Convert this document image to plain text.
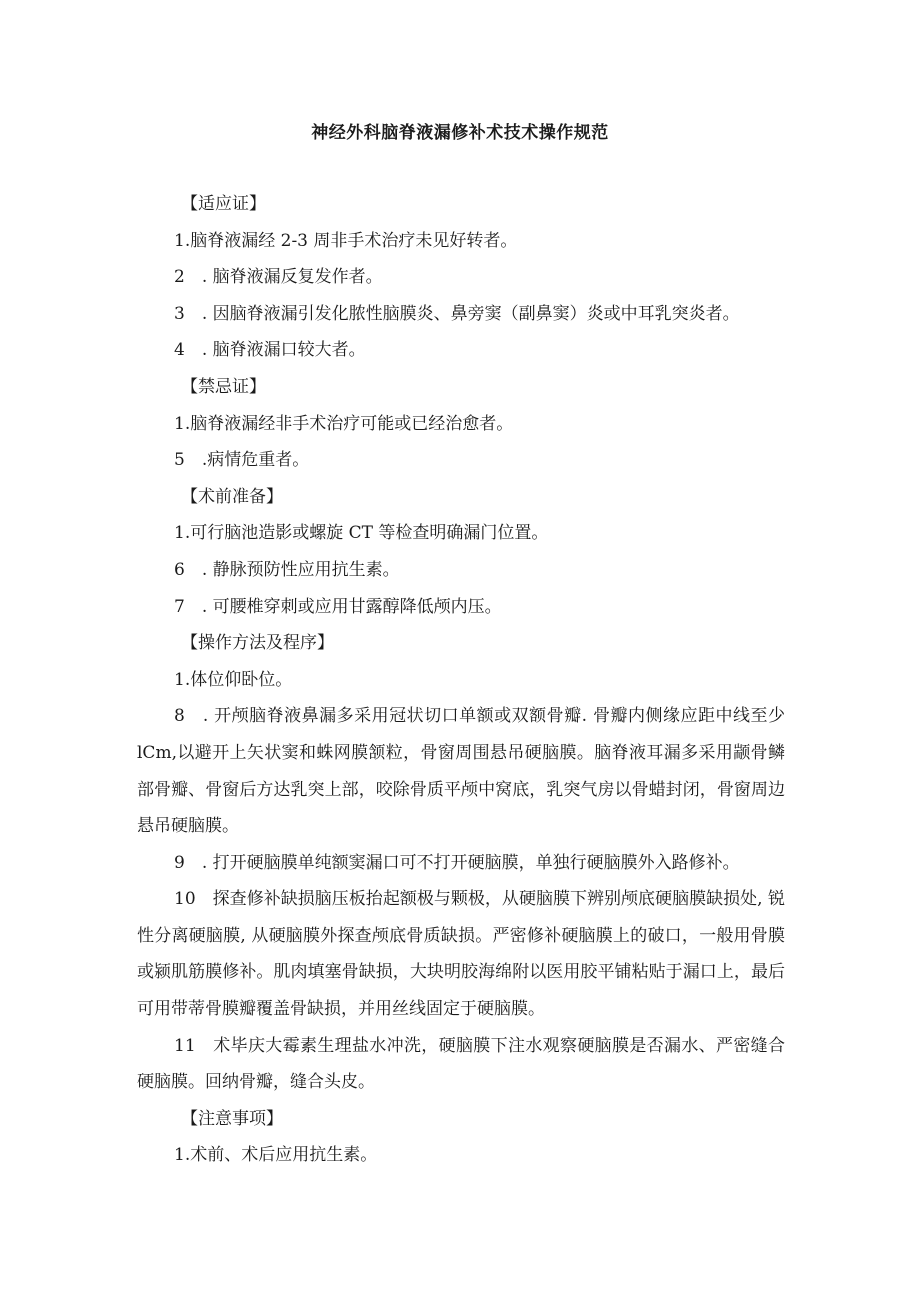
神经外科脑脊液漏修补术技术操作规范

【适应证】

1.脑脊液漏经 2-3 周非手术治疗未见好转者。

2　. 脑脊液漏反复发作者。

3　. 因脑脊液漏引发化脓性脑膜炎、鼻旁窦（副鼻窦）炎或中耳乳突炎者。

4　. 脑脊液漏口较大者。

【禁忌证】

1.脑脊液漏经非手术治疗可能或已经治愈者。

5　.病情危重者。

【术前准备】

1.可行脑池造影或螺旋 CT 等检查明确漏门位置。

6　. 静脉预防性应用抗生素。

7　. 可腰椎穿刺或应用甘露醇降低颅内压。

【操作方法及程序】

1.体位仰卧位。

8　. 开颅脑脊液鼻漏多采用冠状切口单额或双额骨瓣. 骨瓣内侧缘应距中线至少 lCm,以避开上矢状窦和蛛网膜颔粒，骨窗周围悬吊硬脑膜。脑脊液耳漏多采用颛骨鳞部骨瓣、骨窗后方达乳突上部，咬除骨质平颅中窝底，乳突气房以骨蜡封闭，骨窗周边悬吊硬脑膜。

9　. 打开硬脑膜单纯额窦漏口可不打开硬脑膜，单独行硬脑膜外入路修补。

10　探查修补缺损脑压板抬起额极与颗极，从硬脑膜下辨别颅底硬脑膜缺损处, 锐性分离硬脑膜, 从硬脑膜外探查颅底骨质缺损。严密修补硬脑膜上的破口，一般用骨膜或颍肌筋膜修补。肌肉填塞骨缺损，大块明胶海绵附以医用胶平铺粘贴于漏口上，最后可用带蒂骨膜瓣覆盖骨缺损，并用丝线固定于硬脑膜。

11　术毕庆大霉素生理盐水冲洗，硬脑膜下注水观察硬脑膜是否漏水、严密缝合硬脑膜。回纳骨瓣，缝合头皮。

【注意事项】

1.术前、术后应用抗生素。
